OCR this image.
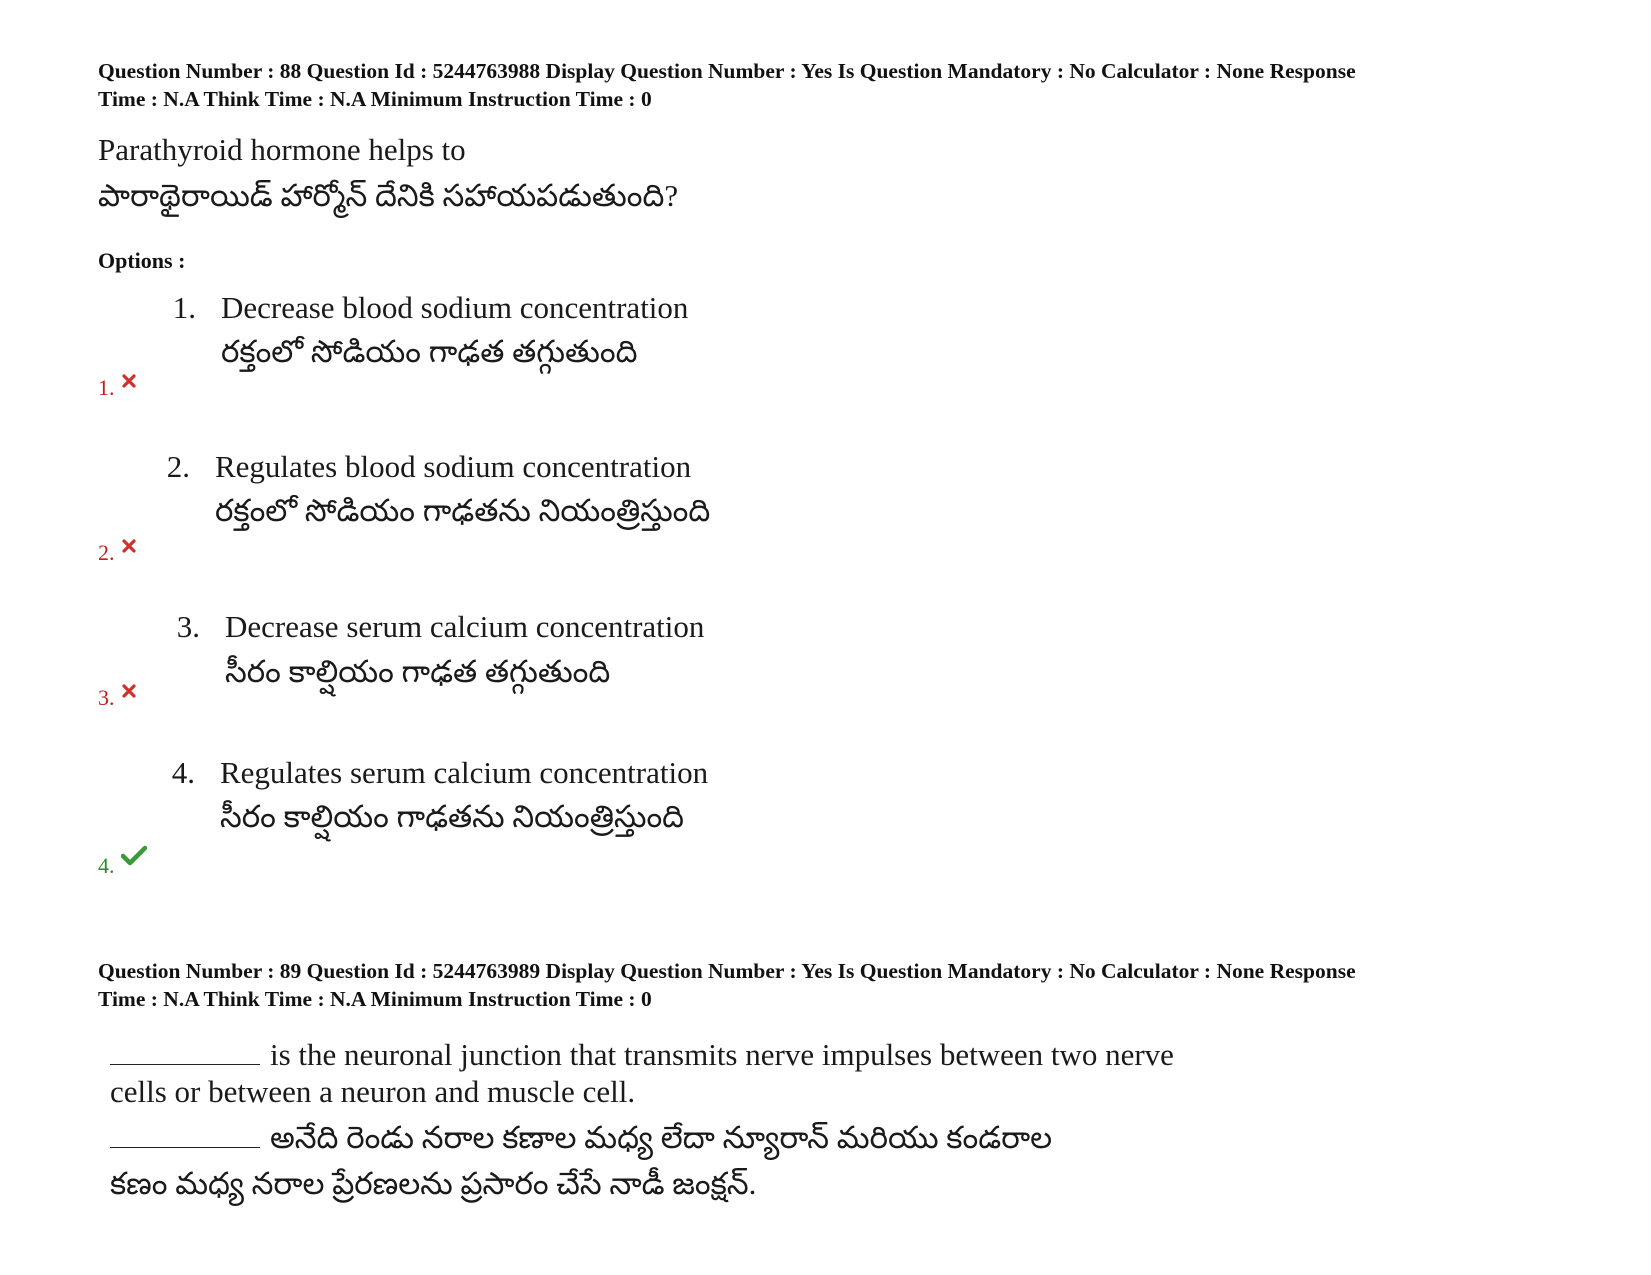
Question Number : 88 Question Id : 5244763988 Display Question Number : Yes Is Question Mandatory : No Calculator : None Response
Time : N.A Think Time : N.A Minimum Instruction Time : 0
Parathyroid hormone helps to
పారాథైరాయిడ్ హార్మోన్ దేనికి సహాయపడుతుంది?
Options :
1. Decrease blood sodium concentration
రక్తంలో సోడియం గాఢత తగ్గుతుంది
1.
2. Regulates blood sodium concentration
రక్తంలో సోడియం గాఢతను నియంత్రిస్తుంది
2.
3. Decrease serum calcium concentration
సీరం కాల్షియం గాఢత తగ్గుతుంది
3.
4. Regulates serum calcium concentration
సీరం కాల్షియం గాఢతను నియంత్రిస్తుంది
4.
Question Number : 89 Question Id : 5244763989 Display Question Number : Yes Is Question Mandatory : No Calculator : None Response
Time : N.A Think Time : N.A Minimum Instruction Time : 0
is the neuronal junction that transmits nerve impulses between two nerve
cells or between a neuron and muscle cell.
అనేది రెండు నరాల కణాల మధ్య లేదా న్యూరాన్ మరియు కండరాల
కణం మధ్య నరాల ప్రేరణలను ప్రసారం చేసే నాడీ జంక్షన్.
